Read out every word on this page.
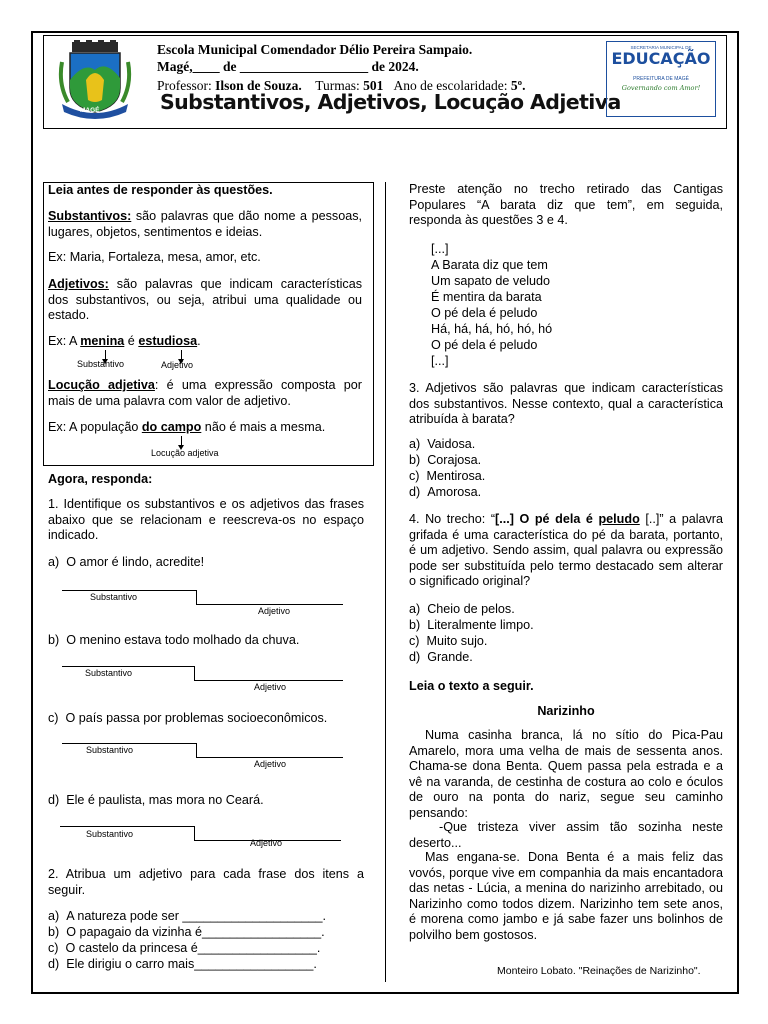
MAGÉ
Escola Municipal Comendador Délio Pereira Sampaio.
Magé,____ de ___________________ de 2024.
Professor: Ilson de Souza. Turmas: 501 Ano de escolaridade: 5º.
Substantivos, Adjetivos, Locução Adjetiva
SECRETARIA MUNICIPAL DE
EDUCAÇÃO
PREFEITURA DE MAGÉ
Governando com Amor!
Leia antes de responder às questões.
Substantivos: são palavras que dão nome a pessoas, lugares, objetos, sentimentos e ideias.
Ex: Maria, Fortaleza, mesa, amor, etc.
Adjetivos: são palavras que indicam características dos substantivos, ou seja, atribui uma qualidade ou estado.
Ex: A menina é estudiosa.
Substantivo	Adjetivo
Locução adjetiva: é uma expressão composta por mais de uma palavra com valor de adjetivo.
Ex: A população do campo não é mais a mesma.
Locução adjetiva
Agora, responda:
1. Identifique os substantivos e os adjetivos das frases abaixo que se relacionam e reescreva-os no espaço indicado.
a)  O amor é lindo, acredite!
Substantivo
Adjetivo
b)  O menino estava todo molhado da chuva.
Substantivo
Adjetivo
c)  O país passa por problemas socioeconômicos.
Substantivo
Adjetivo
d)  Ele é paulista, mas mora no Ceará.
Substantivo
Adjetivo
2. Atribua um adjetivo para cada frase dos itens a seguir.
a)  A natureza pode ser ____________________.
b)  O papagaio da vizinha é_________________.
c)  O castelo da princesa é_________________.
d)  Ele dirigiu o carro mais_________________.
Preste atenção no trecho retirado das Cantigas Populares “A barata diz que tem”, em seguida, responda às questões 3 e 4.
[...]
A Barata diz que tem
Um sapato de veludo
É mentira da barata
O pé dela é peludo
Há, há, há, hó, hó, hó
O pé dela é peludo
[...]
3. Adjetivos são palavras que indicam características dos substantivos. Nesse contexto, qual a característica atribuída à barata?
a)  Vaidosa.
b)  Corajosa.
c)  Mentirosa.
d)  Amorosa.
4. No trecho: “[...] O pé dela é peludo [..]” a palavra grifada é uma característica do pé da barata, portanto, é um adjetivo. Sendo assim, qual palavra ou expressão pode ser substituída pelo termo destacado sem alterar o significado original?
a)  Cheio de pelos.
b)  Literalmente limpo.
c)  Muito sujo.
d)  Grande.
Leia o texto a seguir.
Narizinho
Numa casinha branca, lá no sítio do Pica-Pau Amarelo, mora uma velha de mais de sessenta anos. Chama-se dona Benta. Quem passa pela estrada e a vê na varanda, de cestinha de costura ao colo e óculos de ouro na ponta do nariz, segue seu caminho pensando:
-Que tristeza viver assim tão sozinha neste deserto...
Mas engana-se. Dona Benta é a mais feliz das vovós, porque vive em companhia da mais encantadora das netas - Lúcia, a menina do narizinho arrebitado, ou Narizinho como todos dizem. Narizinho tem sete anos, é morena como jambo e já sabe fazer uns bolinhos de polvilho bem gostosos.
Monteiro Lobato. "Reinações de Narizinho".
